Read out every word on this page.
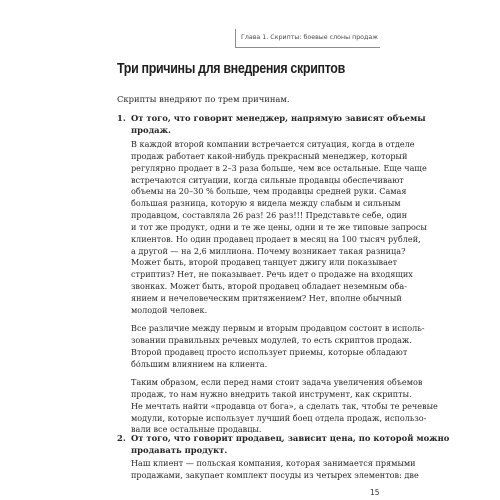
Глава 1. Скрипты: боевые слоны продаж
Три причины для внедрения скриптов

Скрипты внедряют по трем причинам.

1. От того, что говорит менеджер, напрямую зависят объемы
продаж.
В каждой второй компании встречается ситуация, когда в отделе
продаж работает какой-нибудь прекрасный менеджер, который
регулярно продает в 2–3 раза больше, чем все остальные. Еще чаще
встречаются ситуации, когда сильные продавцы обеспечивают
объемы на 20–30 % больше, чем продавцы средней руки. Самая
большая разница, которую я видела между слабым и сильным
продавцом, составляла 26 раз! 26 раз!!! Представьте себе, один
и тот же продукт, одни и те же цены, одни и те же типовые запросы
клиентов. Но один продавец продает в месяц на 100 тысяч рублей,
а другой — на 2,6 миллиона. Почему возникает такая разница?
Может быть, второй продавец танцует джигу или показывает
стриптиз? Нет, не показывает. Речь идет о продаже на входящих
звонках. Может быть, второй продавец обладает неземным оба-
янием и нечеловеческим притяжением? Нет, вполне обычный
молодой человек.
Все различие между первым и вторым продавцом состоит в исполь-
зовании правильных речевых модулей, то есть скриптов продаж.
Второй продавец просто использует приемы, которые обладают
бо́льшим влиянием на клиента.
Таким образом, если перед нами стоит задача увеличения объемов
продаж, то нам нужно внедрить такой инструмент, как скрипты.
Не мечтать найти «продавца от бога», а сделать так, чтобы те речевые
модули, которые использует лучший боец отдела продаж, использо-
вали все остальные продавцы.
2. От того, что говорит продавец, зависит цена, по которой можно
продавать продукт.
Наш клиент — польская компания, которая занимается прямыми
продажами, закупает комплект посуды из четырех элементов: две
15
